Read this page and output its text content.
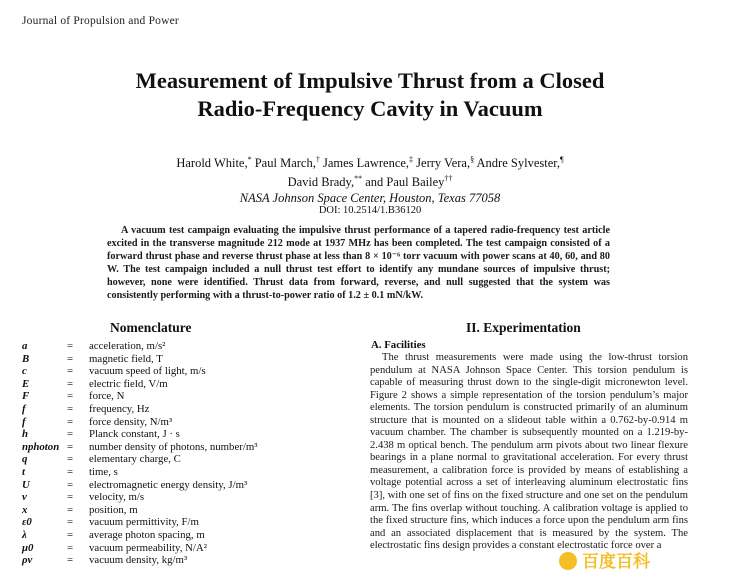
Journal of Propulsion and Power
Measurement of Impulsive Thrust from a Closed
Radio-Frequency Cavity in Vacuum
Harold White,* Paul March,† James Lawrence,‡ Jerry Vera,§ Andre Sylvester,¶
David Brady,** and Paul Bailey††
NASA Johnson Space Center, Houston, Texas 77058
DOI: 10.2514/1.B36120
A vacuum test campaign evaluating the impulsive thrust performance of a tapered radio-frequency test article excited in the transverse magnitude 212 mode at 1937 MHz has been completed. The test campaign consisted of a forward thrust phase and reverse thrust phase at less than 8 × 10⁻⁶ torr vacuum with power scans at 40, 60, and 80 W. The test campaign included a null thrust test effort to identify any mundane sources of impulsive thrust; however, none were identified. Thrust data from forward, reverse, and null suggested that the system was consistently performing with a thrust-to-power ratio of 1.2 ± 0.1 mN/kW.
Nomenclature
a	= acceleration, m/s²
B	= magnetic field, T
c	= vacuum speed of light, m/s
E	= electric field, V/m
F	= force, N
f	= frequency, Hz
f	= force density, N/m³
h	= Planck constant, J · s
nphoton = number density of photons, number/m³
q	= elementary charge, C
t	= time, s
U	= electromagnetic energy density, J/m³
v	= velocity, m/s
x	= position, m
ε0	= vacuum permittivity, F/m
λ	= average photon spacing, m
μ0	= vacuum permeability, N/A²
ρv	= vacuum density, kg/m³
II. Experimentation
A. Facilities
The thrust measurements were made using the low-thrust torsion pendulum at NASA Johnson Space Center. This torsion pendulum is capable of measuring thrust down to the single-digit micronewton level. Figure 2 shows a simple representation of the torsion pendulum’s major elements. The torsion pendulum is constructed primarily of an aluminum structure that is mounted on a slideout table within a 0.762-by-0.914 m vacuum chamber. The chamber is subsequently mounted on a 1.219-by-2.438 m optical bench. The pendulum arm pivots about two linear flexure bearings in a plane normal to gravitational acceleration. For every thrust measurement, a calibration force is provided by means of establishing a voltage potential across a set of interleaving aluminum electrostatic fins [3], with one set of fins on the fixed structure and one set on the pendulum arm. The fins overlap without touching. A calibration voltage is applied to the fixed structure fins, which induces a force upon the pendulum arm fins and an associated displacement that is measured by the system. The electrostatic fins design provides a constant electrostatic force over a
百度百科
